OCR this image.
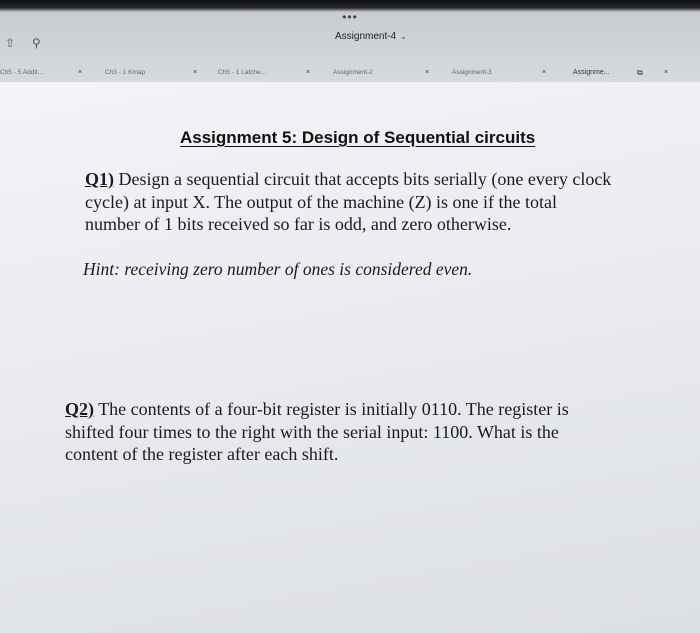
•••
Assignment-4 ⌄
⇧ ⚲
Ch5 - 5 Addit...	×	Ch3 - 1 Kmap	×	Ch5 - 1 Latche...	×	Assignment-2	×	Assignment-3	×	Assignme...	⧉	×
Assignment 5: Design of Sequential circuits
Q1) Design a sequential circuit that accepts bits serially (one every clock
cycle) at input X. The output of the machine (Z) is one if the total
number of 1 bits received so far is odd, and zero otherwise.
Hint: receiving zero number of ones is considered even.
Q2) The contents of a four-bit register is initially 0110. The register is
shifted four times to the right with the serial input: 1100. What is the
content of the register after each shift.
